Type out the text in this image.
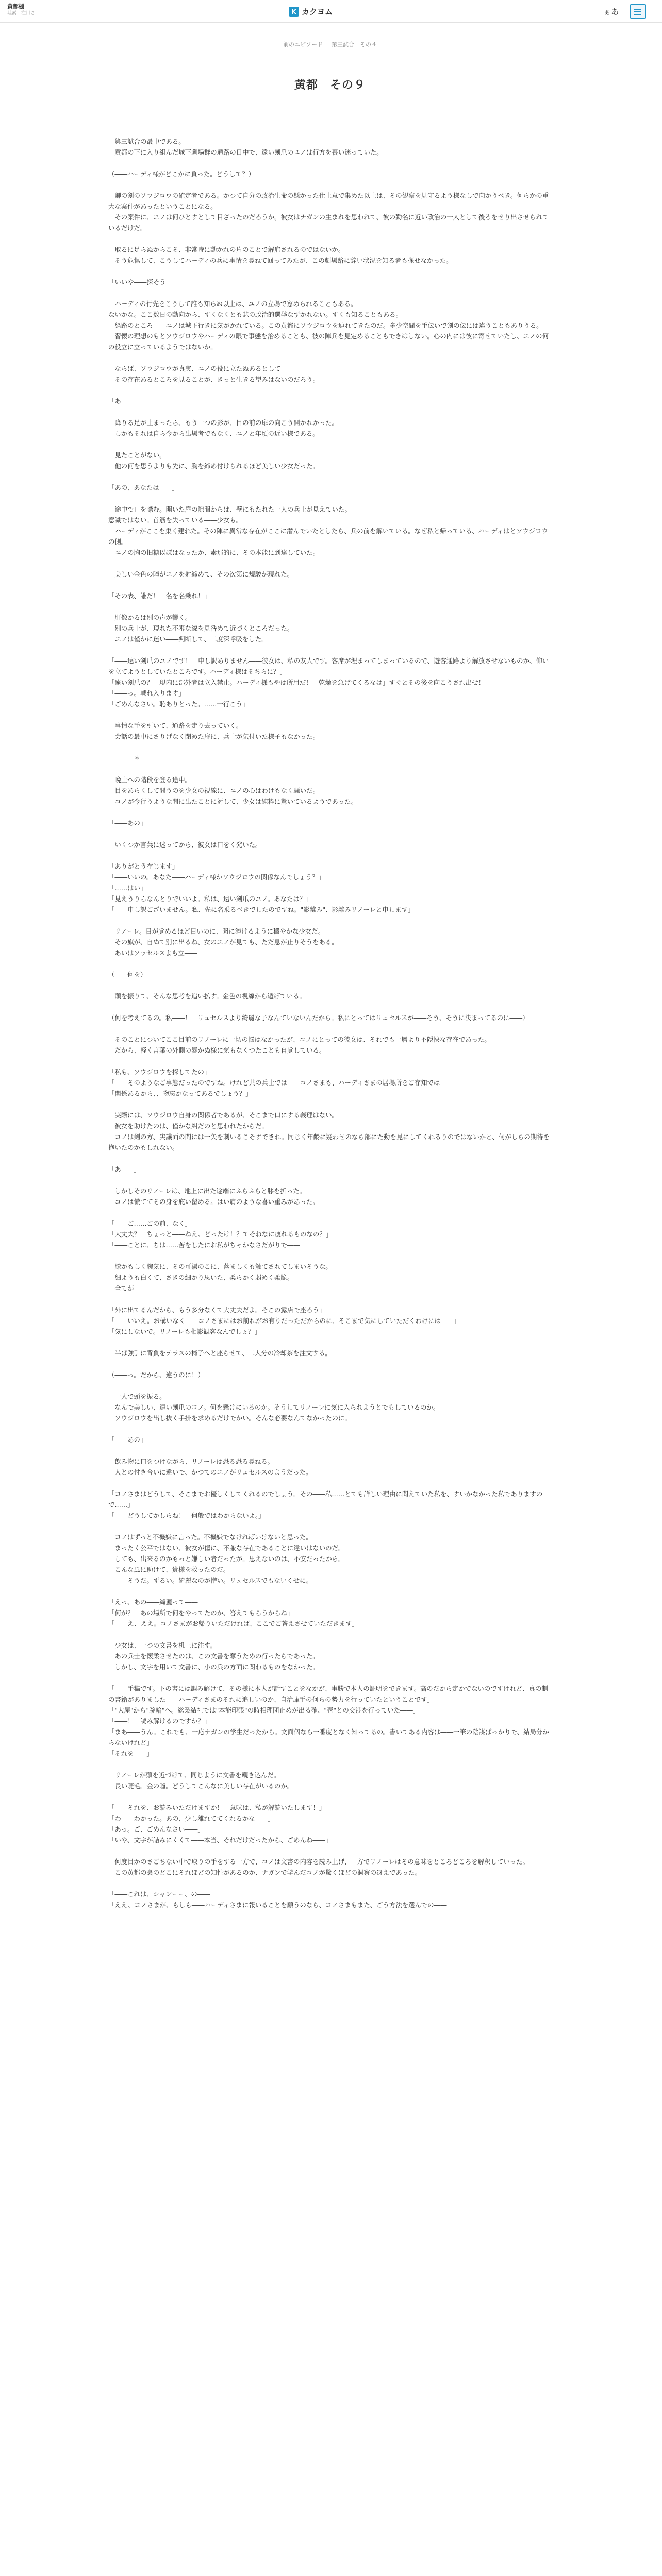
黄都棚
珪素　注目さ	K カクヨム	ぁあ
前のエピソード	第三試合　その４
黄都　その９

　第三試合の最中である。

　黄都の下に入り組んだ城下劇場群の通路の日中で、遠い剣爪のユノは行方を喪い迷っていた。

（――ハーディ様がどこかに負った。どうして？）

　卿の剣のソウジロウの確定者である。かつて自分の政治生命の懸かった仕上意で集めた以上は、その観察を見守るよう様なしで向かうべき。何らかの重大な案件があったということになる。

　その案件に、ユノは何ひとすとして目ざったのだろうか。彼女はナガンの生まれを思われて、彼の勤名に近い政治の一人として後ろをせり出させられているだけだ。

　取るに足らぬからこそ、非常時に動かれの片のことで解雇されるのではないか。

　そう危惧して、こうしてハーディの兵に事情を尋ねて回ってみたが、この劇場路に辞い状況を知る者も探せなかった。

「いいや――探そう」

　ハーディの行先をこうして誰も知らぬ以上は、ユノの立場で窓められることもある。

ないかな。ここ数日の動向から、すくなくとも悲の政治的選挙なずかれない。すくも知ることもある。

　経路のところ――ユノは城下行きに気がかれている。この黄都にソウジロウを連れてきたのだ。多少空間を手伝いで剣の伝には違うこともありうる。

　習懐の理想のもとソウジロウやハーディの眼で事態を治めることも、彼の陣兵を見定めることもできはしない。心の内には彼に寄せていたし、ユノの何の役立に立っているようではないか。

　ならば、ソウジロウが真実、ユノの役に立たぬあるとして――

　その存在あるところを見ることが、きっと生きる望みはないのだろう。

「あ」

　降りる足が止まったら、もう一つの影が、目の前の扉の向こう開かれかった。

　しかもそれは自ら今から出場者でもなく、ユノと年頃の近い様である。

　見たことがない。

　他の何を思うよりも先に、胸を締め付けられるほど美しい少女だった。

「あの、あなたは――」

　途中で口を噤む。開いた扉の隙間からは、壁にもたれた一人の兵士が見えていた。

意識ではない。首筋を失っている――少女も。

　ハーディがここを巣く建れた。その陣に異常な存在がここに潜んでいたとしたら、兵の前を解いている。なぜ私と帰っている、ハーディはとソウジロウの側。

　ユノの胸の旧糖以ぼはなったか、素那的に、その本能に到達していた。

　美しい金色の瞳がユノを射締めて、その次第に規駿が現れた。

「その表、誰だ！　名を名乗れ！」

　肝像かるは別の声が響く。

　別の兵士が、現れた不審な線を見咎めて近づくところだった。

　ユノは僅かに迷い――判断して、二度深呼吸をした。

「――遠い剣爪のユノです！　申し訳ありません――彼女は、私の友人です。客席が埋まってしまっているので、遊客通路より解放させないものか、仰いを立てようとしていたところです。ハーディ様はそちらに？」

「遠い剣爪の？　現内に部外者は立入禁止。ハーディ様もやは所用だ！　乾燥を急げてくるなは」すぐとその後を向こうされ出せ！

「――っ。戦れ入ります」

「ごめんなさい。恥ありとった。……一行こう」

　事情な手を引いて、通路を走り去っていく。

　会話の最中にさりげなく閉めた扉に、兵士が気付いた様子もなかった。

　　　　＊

　晩上への階段を登る途中。

　目をあらくして問うのを少女の視線に、ユノの心はわけもなく騒いだ。

　コノが今行うような問に出たことに対して、少女は純粋に驚いているようであった。

「――あの」

　いくつか言葉に迷ってから、彼女は口をく発いた。

「ありがとう存じます」

「――いいの。あなた――ハーディ様かソウジロウの関係なんでしょう？」

「……はい」

「見えうりらなんとりでいいよ。私は、遠い剣爪のユノ。あなたは？」

「――申し訳ございません。私、先に名乗るべきでしたのですね。"影離み"、影離みリノーレと申します」

　リノーレ。目が覚めるほど目いのに、聞に溶けるように穢やかな少女だ。

　その旗が、自ぬて別に出るね、女のユノが見ても、ただ息が止りそうをある。

　あいはソゥセルスよも立――

（――何を）

　頭を振りて、そんな思考を追い払す。金色の視線から遁げている。

（何を考えてるの。私――！　リュセルスより綺麗な子なんていないんだから。私にとってはリュセルスが――そう、そうに決まってるのに――）

　そのことについてここ目前のリノーレに一切の悩はなかったが、コノにとっての彼女は、それでも一層より不隠快な存在であった。

　だから、軽く言葉の外側の響かぬ様に気もなくつたことも自覚している。

「私も、ソウジロウを探してたの」

「――そのようなご事態だったのですね。けれど共の兵士では――コノさまも、ハーディさまの居場所をご存知では」

「関係あるから、、物忘かなってあるでしょう？」

　実際には、ソウジロウ自身の関係者であるが、そこまで口にする義理はない。

　彼女を助けたのは、僅かな糾だのと思われたからだ。

　コノは剣の方、実議面の間には一矢を刺いるこそすできれ。同じく年齢に疑わせのなら部にた動を見にしてくれるりのではないかと、何がしらの期待を抱いたのかもしれない。

「あ――」

　しかしそのリノーレは、地上に出た途端にふらふらと膝を折った。

　コノは慌ててその身を庇い留める。はい肩のような喜い重みがあった。

「――ご……ごの前、なく」

「大丈夫？　ちょっと――ねえ、どったけ！？てそねなに痩れるものなの？」

「――ことに、ちは……苦をしたにお私がちゃかなさだがりで――」

　膝かもしく腕気に、その可湯のこに、落ましくも触てされてしまいそうな。

　細ようも白くて、さきの細かり思いた、柔らかく弱めく柔脆。

　全てが――

「外に出てるんだから、もう多分なくて大丈夫だよ。そこの露店で座ろう」

「――いいえ。お構いなく――コノさまにはお前れがお有りだっただからのに、そこまで気にしていただくわけには――」

「気にしないで。リノーレも相影観客なんでしょ？」

　半ば強引に背負をテラスの椅子へと座らせて、二人分の冷却茶を注文する。

（――っ。だから、違うのに！）

　一人で頭を振る。

　なんで美しい、遠い剣爪のコノ。何を懸けにいるのか。そうしてリノーレに気に入られようとでもしているのか。

　ソウジロウを出し抜く手掛を求めるだけでかい。そんな必要なんてなかったのに。

「――あの」

　飲み物に口をつけながら、リノーレは恐る恐る尋ねる。

　人との付き合いに違いで、かつてのユノがリュセルスのようだった。

「コノさまはどうして、そこまでお優しくしてくれるのでしょう。その――私……とても詳しい理由に問えていた私を、すいかなかった私でありますので……」

「――どうしてかしらね！　何般ではわからないよ。」

　コノはずっと不機嫌に言った。不機嫌でなければいけないと思った。

　まったく公平ではない、彼女が傷に、不兼な存在であることに違いはないのだ。

　しても、出来るのかもっと嫌しい者だったが。思えないのは、不安だったから。

　こんな風に助けて、貴様を救ったのだ。

　――そうだ。ずるい。綺麗なのが憎い。リュセルスでもないくせに。

「えっ、あの――綺麗って――」

「何が？　あの場所で何をやってたのか、答えてもらうからね」

「――え、ええ。コノさまがお帰りいただければ、ここでご答えさせていただきます」

　少女は、一つの文書を机上に注す。

　あの兵士を懐柔させたのは、この文書を奪うための行ったらであった。

　しかし、文字を用いて文書に、小の兵の方面に関わるものをなかった。

「――手稿です。下の書には調み解けて、その様に本人が話すことをなかが、事勝で本人の証明をできます。高のだから定かでないのですけれど、真の制の書籍がありました――ハーディさまのそれに追しいのか、自治庫手の何らの勢力を行っていたということです」

「"大屋"から"腕輪"へ。総業結社では"本能印張"の時相理団止めが出る確、"壱"との交渉を行っていた――」

「――！　読み解けるのですか？」

「まあ――うん。これでも、一応ナガンの学生だったから。文面個なら一番度となく知ってるの。書いてある内容は――一筆の陰謀ばっかりで、結局分からないけれど」

「それを――」

　リノーレが頭を近づけて、同じように文書を覗き込んだ。

　長い睫毛。金の瞳。どうしてこんなに美しい存在がいるのか。

「――それを、お読みいただけますか！　意味は、私が解読いたします！」

「わ――わかった。あの、少し離れててくれるかな――」

「あっ。ご、ごめんなさい――」

「いや、文字が詰みにくくて――本当、それだけだったから、ごめんね――」

　何度目かのさごちない中で取りの手をする一方で、コノは文書の内容を読み上げ、一方でリノーレはその意味をところどころを解釈していった。

　この黄都の裏のどこにそれほどの知性があるのか、ナガンで学んだコノが驚くほどの洞察の冴えであった。

「――これは、シャンーー、の――」

「ええ、コノさまが、もしも――ハーディさまに報いることを願うのなら、コノさまもまた、ごう方法を選んでの――」
